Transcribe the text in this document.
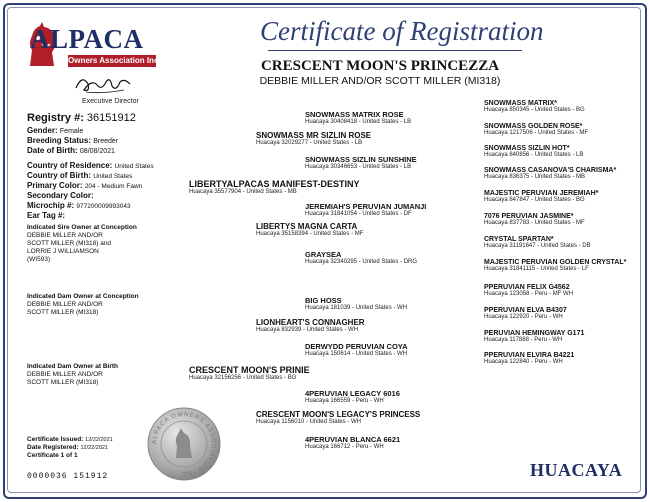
ALPACA
Owners Association Inc
Executive Director
Certificate of Registration
CRESCENT MOON'S PRINCEZZA
DEBBIE MILLER AND/OR SCOTT MILLER (MI318)
Registry #: 36151912
Gender: Female
Breeding Status: Breeder
Date of Birth: 08/08/2021
Country of Residence: United States
Country of Birth: United States
Primary Color: 204 - Medium Fawn
Secondary Color:
Microchip #: 977200009993043
Ear Tag #:
Indicated Sire Owner at Conception
DEBBIE MILLER AND/OR
SCOTT MILLER (MI318) and
LORRIE J WILLIAMSON
(WI593)
Indicated Dam Owner at Conception
DEBBIE MILLER AND/OR
SCOTT MILLER (MI318)
Indicated Dam Owner at Birth
DEBBIE MILLER AND/OR
SCOTT MILLER (MI318)
Certificate Issued: 12/22/2021
Date Registered: 12/22/2021
Certificate 1 of 1
0000036 151912
ALPACA OWNERS ASSOCIATION INC	HUACAYA
LIBERTYALPACAS MANIFEST-DESTINY
Huacaya 35577904 - United States - MB
CRESCENT MOON'S PRINIE
Huacaya 32156256 - United States - BG
SNOWMASS MR SIZLIN ROSE
Huacaya 32029277 - United States - LB
LIBERTYS MAGNA CARTA
Huacaya 35158394 - United States - MF
LIONHEART'S CONNAGHER
Huacaya 832939 - United States - WH
CRESCENT MOON'S LEGACY'S PRINCESS
Huacaya 1156010 - United States - WH
SNOWMASS MATRIX ROSE
Huacaya 30408418 - United States - LB
SNOWMASS SIZLIN SUNSHINE
Huacaya 30346653 - United States - LB
JEREMIAH'S PERUVIAN JUMANJI
Huacaya 31841054 - United States - DF
GRAYSEA
Huacaya 32340295 - United States - DRG
BIG HOSS
Huacaya 181039 - United States - WH
DERWYDD PERUVIAN COYA
Huacaya 150614 - United States - WH
4PERUVIAN LEGACY 6016
Huacaya 166559 - Peru - WH
4PERUVIAN BLANCA 6621
Huacaya 166712 - Peru - WH
SNOWMASS MATRIX*
Huacaya 850345 - United States - BG
SNOWMASS GOLDEN ROSE*
Huacaya 1217506 - United States - MF
SNOWMASS SIZLIN HOT*
Huacaya 840856 - United States - LB
SNOWMASS CASANOVA'S CHARISMA*
Huacaya 836375 - United States - MB
MAJESTIC PERUVIAN JEREMIAH*
Huacaya 847847 - United States - BG
7076 PERUVIAN JASMINE*
Huacaya 837783 - United States - MF
CRYSTAL SPARTAN*
Huacaya 31191647 - United States - DB
MAJESTIC PERUVIAN GOLDEN CRYSTAL*
Huacaya 31841115 - United States - LF
PPERUVIAN FELIX G4562
Huacaya 123058 - Peru - MF WH
PPERUVIAN ELVA B4307
Huacaya 122920 - Peru - WH
PERUVIAN HEMINGWAY G171
Huacaya 117888 - Peru - WH
PPERUVIAN ELVIRA B4221
Huacaya 122840 - Peru - WH
